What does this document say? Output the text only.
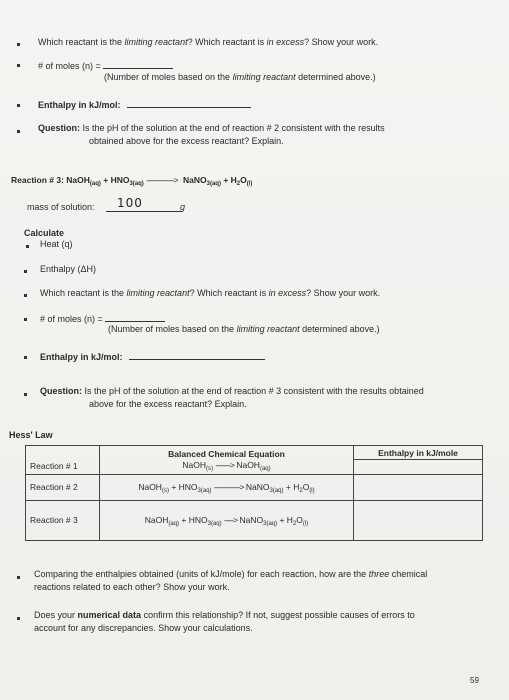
Which reactant is the limiting reactant? Which reactant is in excess? Show your work.
# of moles (n) =
(Number of moles based on the limiting reactant determined above.)
Enthalpy in kJ/mol:
Question: Is the pH of the solution at the end of reaction # 2 consistent with the results
obtained above for the excess reactant? Explain.
Reaction # 3: NaOH$_{(aq)}$ + $HNO_{3(aq)}$ ---------------> NaNO$_{3(aq)}$ + $H_2O_{(l)}$
mass of solution: 100	g
Calculate
Heat (q)
Enthalpy (ΔH)
Which reactant is the limiting reactant? Which reactant is in excess? Show your work.
# of moles (n) =
(Number of moles based on the limiting reactant determined above.)
Enthalpy in kJ/mol:
Question: Is the pH of the solution at the end of reaction # 3 consistent with the results obtained
above for the excess reactant? Explain.
Hess' Law
	Balanced Chemical Equation	Enthalpy in kJ/mole
Reaction # 1	NaOH$_{(s)}$ --------> NaOH$_{(aq)}$	
Reaction # 2	NaOH$_{(s)}$ + $HNO_{3(aq)}$ --------------> NaNO$_{3(aq)}$ + $H_2O_{(l)}$	
Reaction # 3	NaOH$_{(aq)}$ + $HNO_{3(aq)}$ -----> NaNO$_{3(aq)}$ + $H_2O_{(l)}$	
Comparing the enthalpies obtained (units of kJ/mole) for each reaction, how are the three chemical
reactions related to each other? Show your work.
Does your numerical data confirm this relationship? If not, suggest possible causes of errors to
account for any discrepancies. Show your calculations.
59
